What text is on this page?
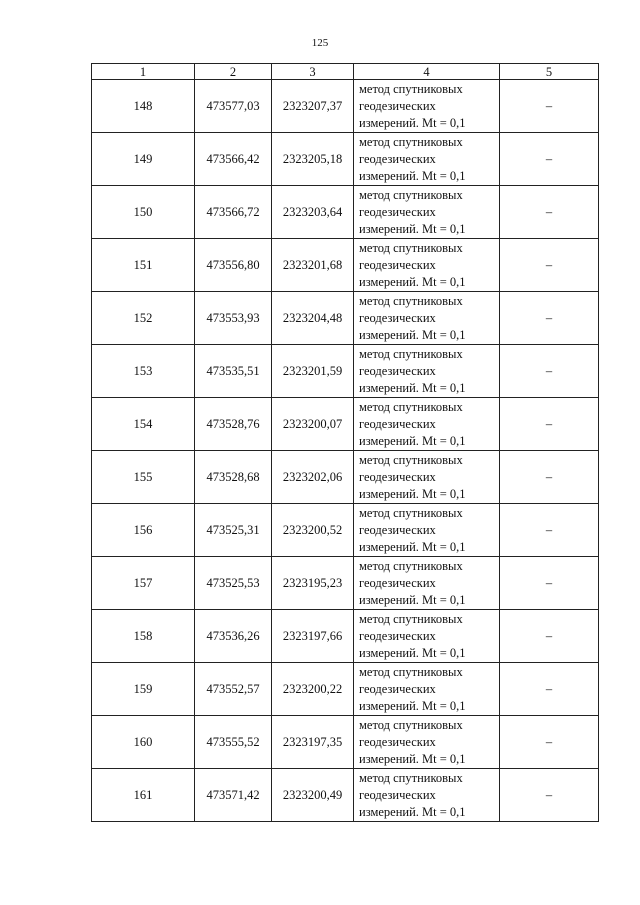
125
1	2	3	4	5
148	473577,03	2323207,37	метод спутниковых
геодезических
измерений. Mt = 0,1	–
149	473566,42	2323205,18	метод спутниковых
геодезических
измерений. Mt = 0,1	–
150	473566,72	2323203,64	метод спутниковых
геодезических
измерений. Mt = 0,1	–
151	473556,80	2323201,68	метод спутниковых
геодезических
измерений. Mt = 0,1	–
152	473553,93	2323204,48	метод спутниковых
геодезических
измерений. Mt = 0,1	–
153	473535,51	2323201,59	метод спутниковых
геодезических
измерений. Mt = 0,1	–
154	473528,76	2323200,07	метод спутниковых
геодезических
измерений. Mt = 0,1	–
155	473528,68	2323202,06	метод спутниковых
геодезических
измерений. Mt = 0,1	–
156	473525,31	2323200,52	метод спутниковых
геодезических
измерений. Mt = 0,1	–
157	473525,53	2323195,23	метод спутниковых
геодезических
измерений. Mt = 0,1	–
158	473536,26	2323197,66	метод спутниковых
геодезических
измерений. Mt = 0,1	–
159	473552,57	2323200,22	метод спутниковых
геодезических
измерений. Mt = 0,1	–
160	473555,52	2323197,35	метод спутниковых
геодезических
измерений. Mt = 0,1	–
161	473571,42	2323200,49	метод спутниковых
геодезических
измерений. Mt = 0,1	–
